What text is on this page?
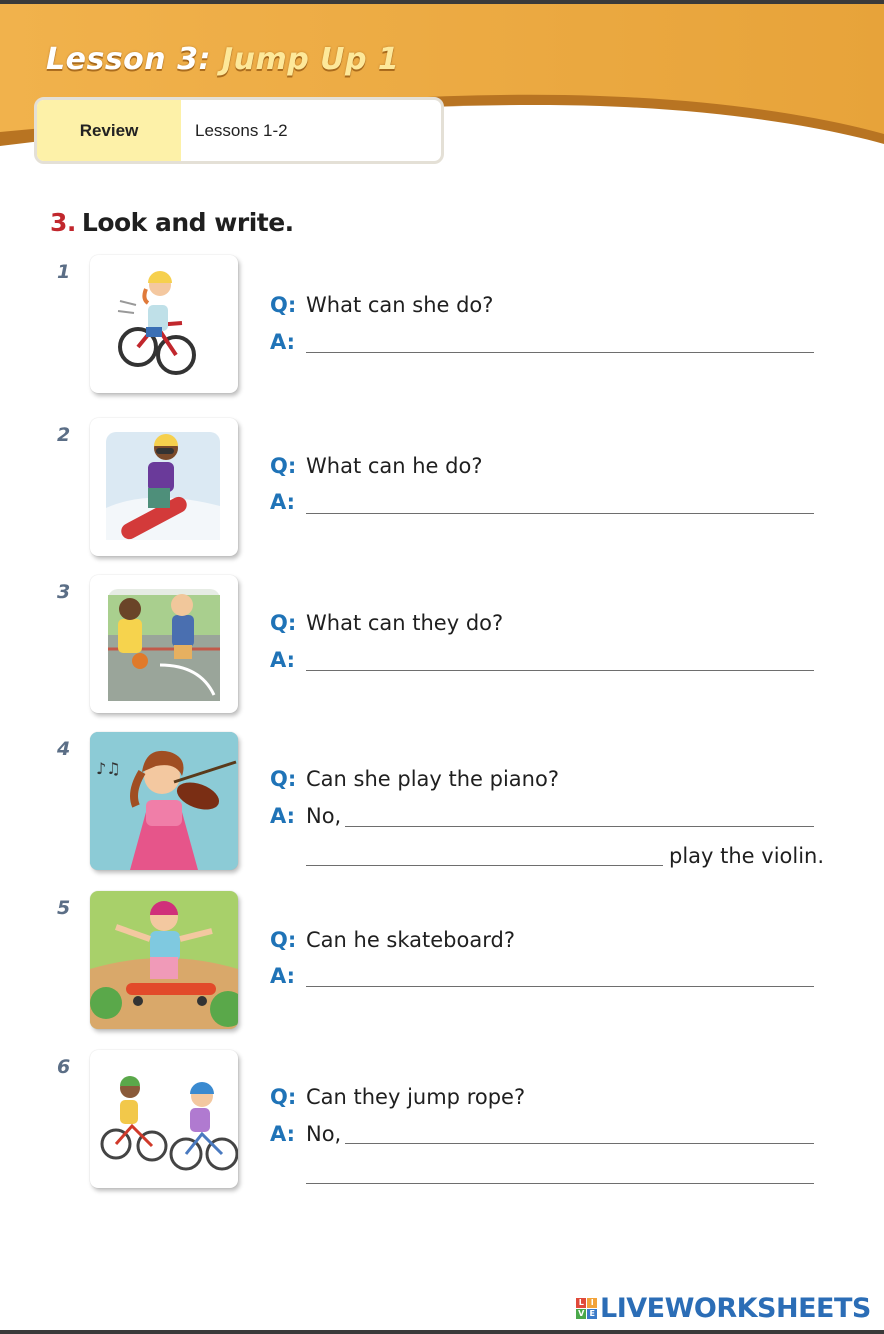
Lesson 3: Jump Up 1
Review	Lessons 1-2
3. Look and write.
1
Q: What can she do?
A:
2
Q: What can he do?
A:
3
Q: What can they do?
A:
4
♪♫	Q: Can she play the piano?
A: No,
play the violin.
5
Q: Can he skateboard?
A:
6
Q: Can they jump rope?
A: No,
L I
V E LIVEWORKSHEETS
